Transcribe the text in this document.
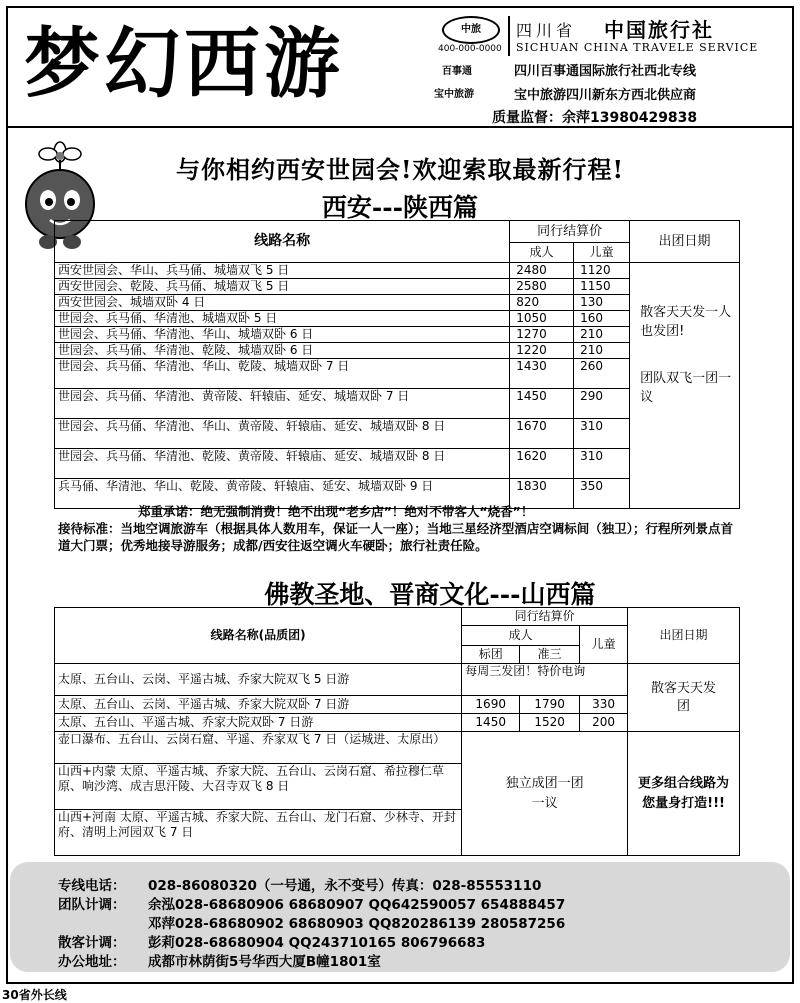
梦幻西游	中旅
400-000-0000
四川省 中国旅行社
SICHUAN CHINA TRAVELE SERVICE
百事通
宝中旅游
四川百事通国际旅行社西北专线
宝中旅游四川新东方西北供应商
质量监督：余萍13980429838
与你相约西安世园会!欢迎索取最新行程!
西安---陕西篇
线路名称	同行结算价		出团日期
	成人	儿童	
西安世园会、华山、兵马俑、城墙双飞 5 日	2480	1120	散客天天发一人也发团!
团队双飞一团一议

西安世园会、乾陵、兵马俑、城墙双飞 5 日	2580	1150	
西安世园会、城墙双卧 4 日	820	130	
世园会、兵马俑、华清池、城墙双卧 5 日	1050	160	
世园会、兵马俑、华清池、华山、城墙双卧 6 日	1270	210	
世园会、兵马俑、华清池、乾陵、城墙双卧 6 日	1220	210	
世园会、兵马俑、华清池、华山、乾陵、城墙双卧 7 日	1430	260	
世园会、兵马俑、华清池、黄帝陵、轩辕庙、延安、城墙双卧 7 日	1450	290	
世园会、兵马俑、华清池、华山、黄帝陵、轩辕庙、延安、城墙双卧 8 日	1670	310	
世园会、兵马俑、华清池、乾陵、黄帝陵、轩辕庙、延安、城墙双卧 8 日	1620	310	
兵马俑、华清池、华山、乾陵、黄帝陵、轩辕庙、延安、城墙双卧 9 日	1830	350	
郑重承诺：绝无强制消费！绝不出现“老乡店”！绝对不带客人“烧香”！
接待标准：当地空调旅游车（根据具体人数用车，保证一人一座）；当地三星经济型酒店空调标间（独卫）；行程所列景点首道大门票；优秀地接导游服务；成都/西安往返空调火车硬卧；旅行社责任险。
佛教圣地、晋商文化---山西篇
线路名称(品质团)	同行结算价			出团日期
	成人		儿童	
	标团	准三		
太原、五台山、云岗、平遥古城、乔家大院双飞 5 日游	每周三发团！特价电询			散客天天发团
太原、五台山、云岗、平遥古城、乔家大院双卧 7 日游	1690	1790	330	
太原、五台山、平遥古城、乔家大院双卧 7 日游	1450	1520	200	
壶口瀑布、五台山、云岗石窟、平遥、乔家双飞 7 日（运城进、太原出）	独立成团一团一议			更多组合线路为您量身打造!!!
山西+内蒙 太原、平遥古城、乔家大院、五台山、云岗石窟、希拉穆仁草原、响沙湾、成吉思汗陵、大召寺双飞 8 日				
山西+河南 太原、平遥古城、乔家大院、五台山、龙门石窟、少林寺、开封府、清明上河园双飞 7 日				
专线电话： 028-86080320（一号通，永不变号）传真：028-85553110
团队计调： 余泓028-68680906 68680907 QQ642590057 654888457
邓萍028-68680902 68680903 QQ820286139 280587256
散客计调： 彭莉028-68680904 QQ243710165 806796683
办公地址： 成都市林荫街5号华西大厦B幢1801室
30省外长线
